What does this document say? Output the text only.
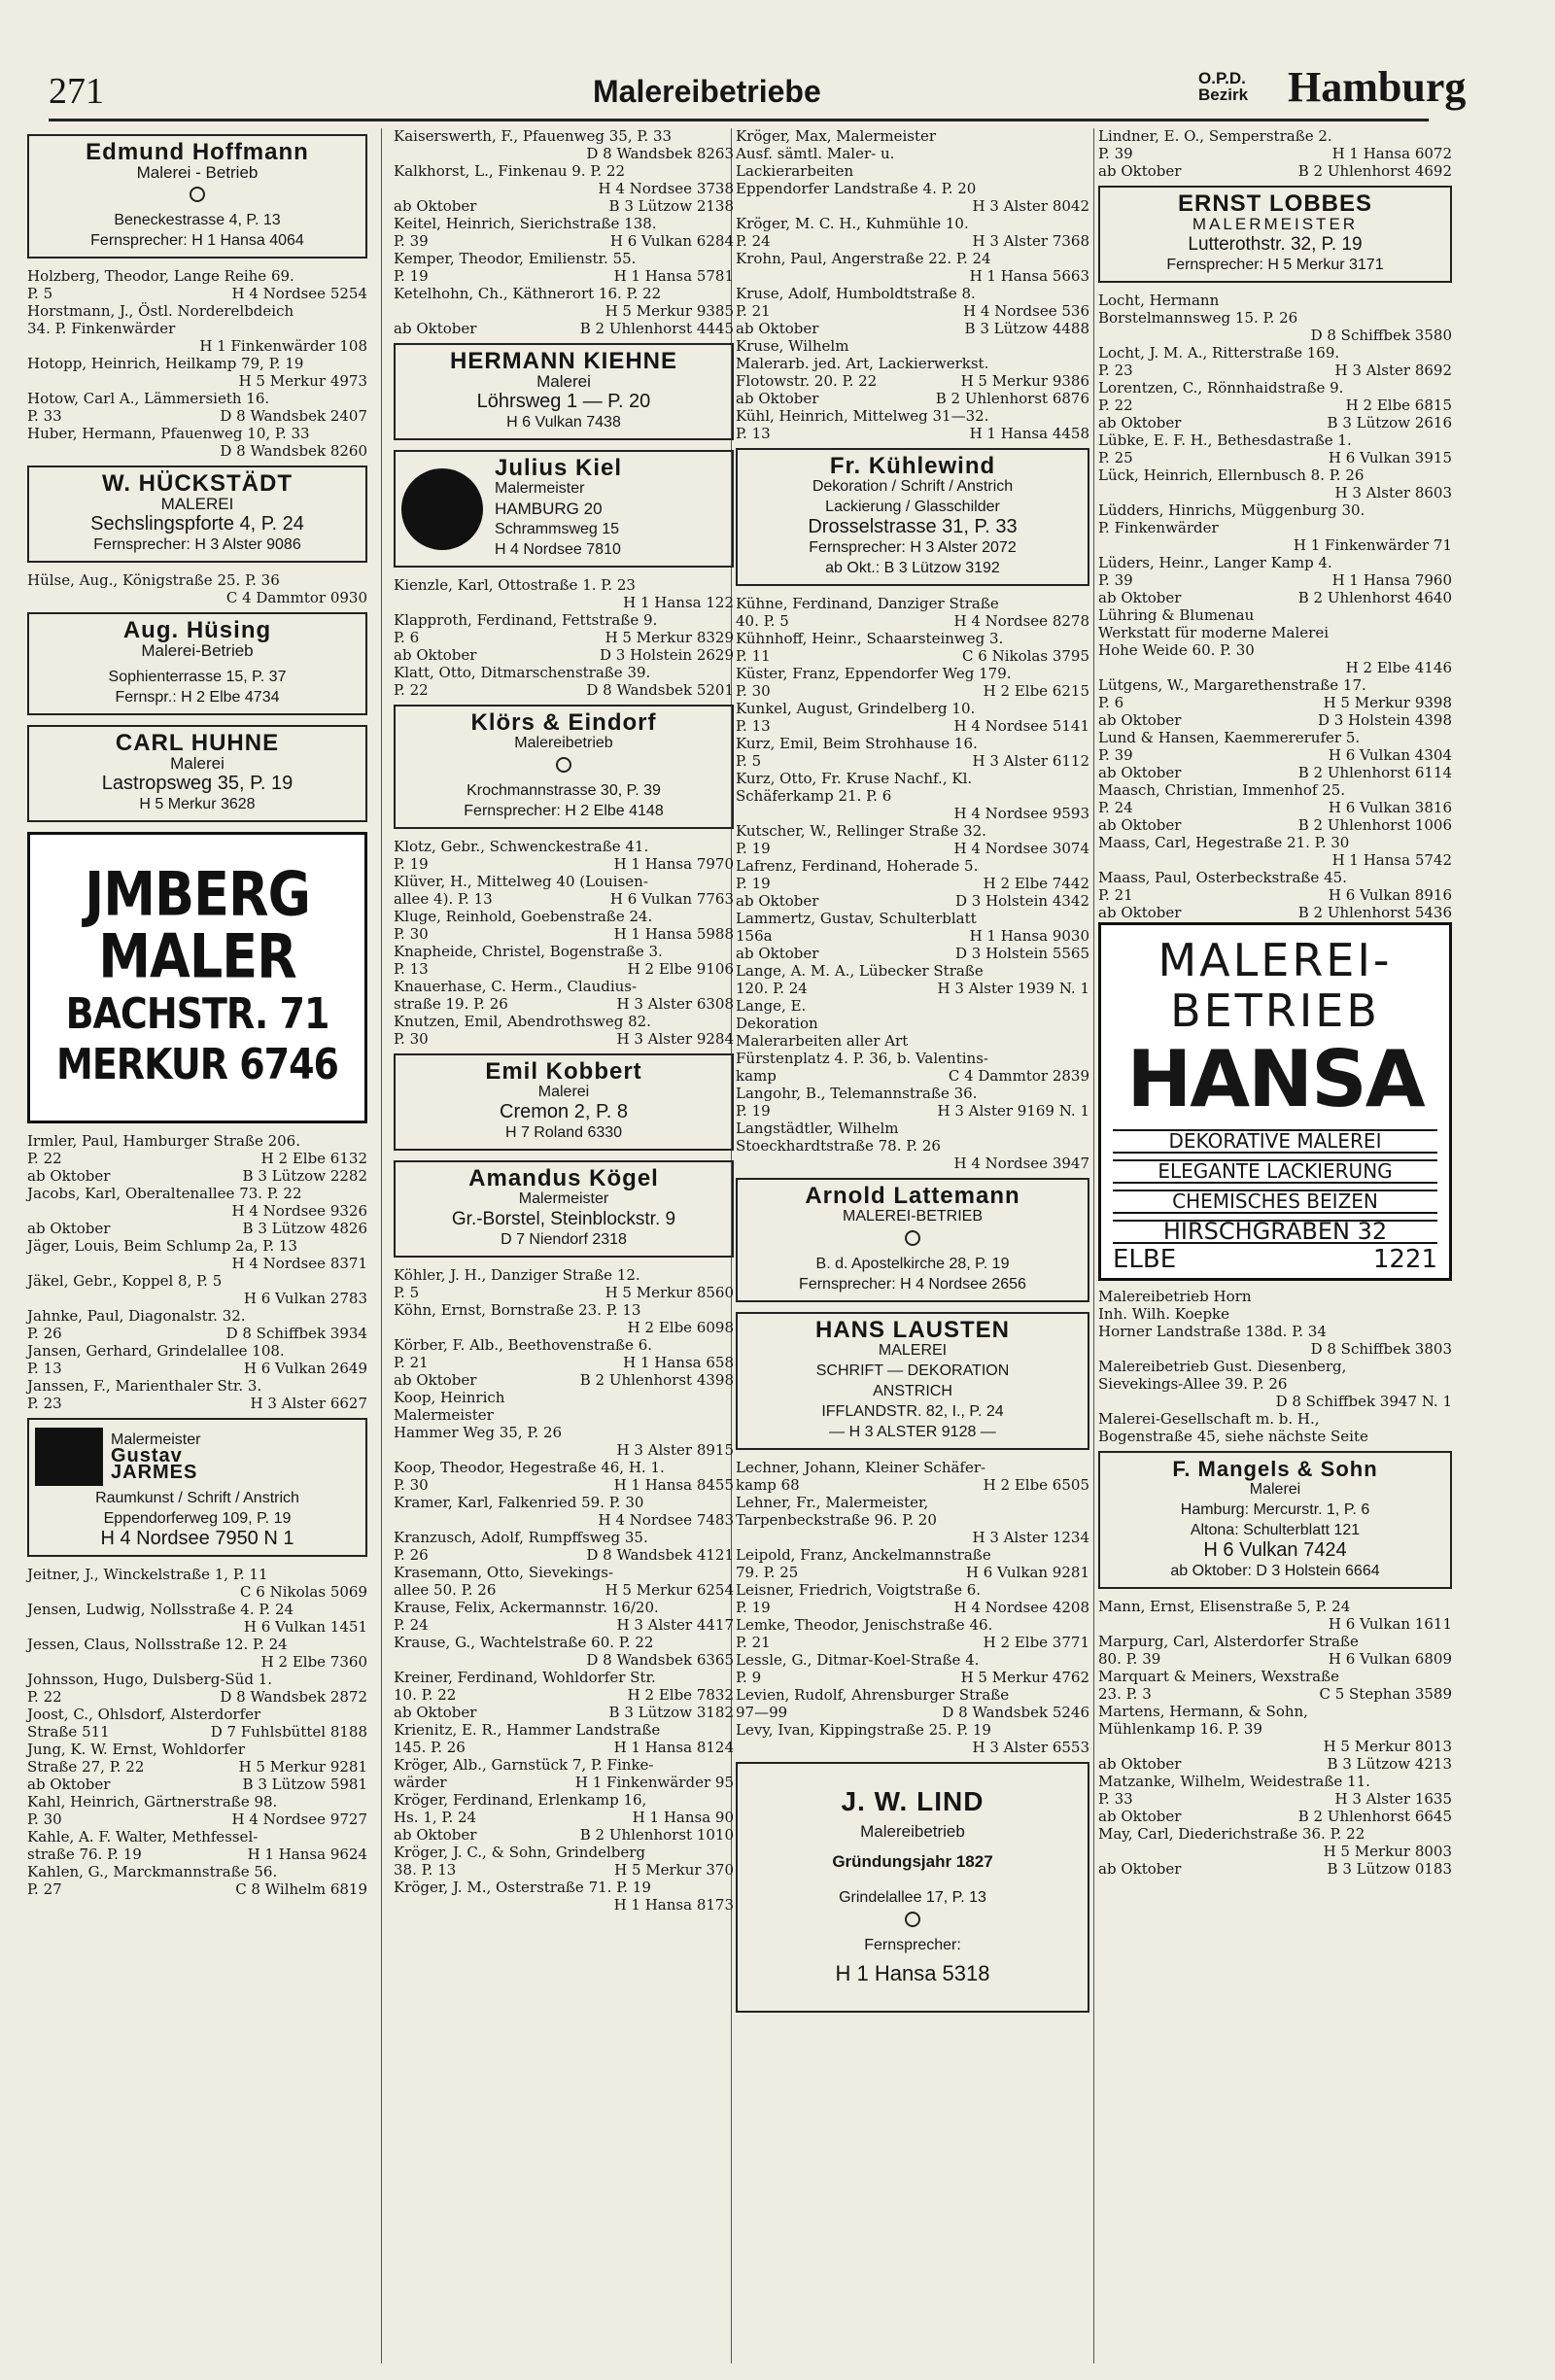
271	Malereibetriebe	O.P.D.
Bezirk Hamburg
Edmund Hoffmann
Malerei - Betrieb
Beneckestrasse 4, P. 13
Fernsprecher: H 1 Hansa 4064
Holzberg, Theodor, Lange Reihe 69.
P. 5	H 4 Nordsee 5254
Horstmann, J., Östl. Norderelbdeich
34. P. Finkenwärder
H 1 Finkenwärder 108
Hotopp, Heinrich, Heilkamp 79, P. 19
H 5 Merkur 4973
Hotow, Carl A., Lämmersieth 16.
P. 33	D 8 Wandsbek 2407
Huber, Hermann, Pfauenweg 10, P. 33
D 8 Wandsbek 8260
W. HÜCKSTÄDT
MALEREI
Sechslingspforte 4, P. 24
Fernsprecher: H 3 Alster 9086
Hülse, Aug., Königstraße 25. P. 36
C 4 Dammtor 0930
Aug. Hüsing
Malerei-Betrieb
Sophienterrasse 15, P. 37
Fernspr.: H 2 Elbe 4734
CARL HUHNE
Malerei
Lastropsweg 35, P. 19
H 5 Merkur 3628
JMBERG
MALER
BACHSTR. 71
MERKUR 6746
Irmler, Paul, Hamburger Straße 206.
P. 22	H 2 Elbe 6132
ab Oktober	B 3 Lützow 2282
Jacobs, Karl, Oberaltenallee 73. P. 22
H 4 Nordsee 9326
ab Oktober	B 3 Lützow 4826
Jäger, Louis, Beim Schlump 2a, P. 13
H 4 Nordsee 8371
Jäkel, Gebr., Koppel 8, P. 5
H 6 Vulkan 2783
Jahnke, Paul, Diagonalstr. 32.
P. 26	D 8 Schiffbek 3934
Jansen, Gerhard, Grindelallee 108.
P. 13	H 6 Vulkan 2649
Janssen, F., Marienthaler Str. 3.
P. 23	H 3 Alster 6627
Malermeister
Gustav
JARMES
Raumkunst / Schrift / Anstrich
Eppendorferweg 109, P. 19
H 4 Nordsee 7950 N 1
Jeitner, J., Winckelstraße 1, P. 11
C 6 Nikolas 5069
Jensen, Ludwig, Nollsstraße 4. P. 24
H 6 Vulkan 1451
Jessen, Claus, Nollsstraße 12. P. 24
H 2 Elbe 7360
Johnsson, Hugo, Dulsberg-Süd 1.
P. 22	D 8 Wandsbek 2872
Joost, C., Ohlsdorf, Alsterdorfer
Straße 511	D 7 Fuhlsbüttel 8188
Jung, K. W. Ernst, Wohldorfer
Straße 27, P. 22	H 5 Merkur 9281
ab Oktober	B 3 Lützow 5981
Kahl, Heinrich, Gärtnerstraße 98.
P. 30	H 4 Nordsee 9727
Kahle, A. F. Walter, Methfessel-
straße 76. P. 19	H 1 Hansa 9624
Kahlen, G., Marckmannstraße 56.
P. 27	C 8 Wilhelm 6819
Kaiserswerth, F., Pfauenweg 35, P. 33
D 8 Wandsbek 8263
Kalkhorst, L., Finkenau 9. P. 22
H 4 Nordsee 3738
ab Oktober	B 3 Lützow 2138
Keitel, Heinrich, Sierichstraße 138.
P. 39	H 6 Vulkan 6284
Kemper, Theodor, Emilienstr. 55.
P. 19	H 1 Hansa 5781
Ketelhohn, Ch., Käthnerort 16. P. 22
H 5 Merkur 9385
ab Oktober	B 2 Uhlenhorst 4445
HERMANN KIEHNE
Malerei
Löhrsweg 1 — P. 20
H 6 Vulkan 7438
Julius Kiel
Malermeister
HAMBURG 20
Schrammsweg 15
H 4 Nordsee 7810
Kienzle, Karl, Ottostraße 1. P. 23
H 1 Hansa 122
Klapproth, Ferdinand, Fettstraße 9.
P. 6	H 5 Merkur 8329
ab Oktober	D 3 Holstein 2629
Klatt, Otto, Ditmarschenstraße 39.
P. 22	D 8 Wandsbek 5201
Klörs & Eindorf
Malereibetrieb
Krochmannstrasse 30, P. 39
Fernsprecher: H 2 Elbe 4148
Klotz, Gebr., Schwenckestraße 41.
P. 19	H 1 Hansa 7970
Klüver, H., Mittelweg 40 (Louisen-
allee 4). P. 13	H 6 Vulkan 7763
Kluge, Reinhold, Goebenstraße 24.
P. 30	H 1 Hansa 5988
Knapheide, Christel, Bogenstraße 3.
P. 13	H 2 Elbe 9106
Knauerhase, C. Herm., Claudius-
straße 19. P. 26	H 3 Alster 6308
Knutzen, Emil, Abendrothsweg 82.
P. 30	H 3 Alster 9284
Emil Kobbert
Malerei
Cremon 2, P. 8
H 7 Roland 6330
Amandus Kögel
Malermeister
Gr.-Borstel, Steinblockstr. 9
D 7 Niendorf 2318
Köhler, J. H., Danziger Straße 12.
P. 5	H 5 Merkur 8560
Köhn, Ernst, Bornstraße 23. P. 13
H 2 Elbe 6098
Körber, F. Alb., Beethovenstraße 6.
P. 21	H 1 Hansa 658
ab Oktober	B 2 Uhlenhorst 4398
Koop, Heinrich
Malermeister
Hammer Weg 35, P. 26
H 3 Alster 8915
Koop, Theodor, Hegestraße 46, H. 1.
P. 30	H 1 Hansa 8455
Kramer, Karl, Falkenried 59. P. 30
H 4 Nordsee 7483
Kranzusch, Adolf, Rumpffsweg 35.
P. 26	D 8 Wandsbek 4121
Krasemann, Otto, Sievekings-
allee 50. P. 26	H 5 Merkur 6254
Krause, Felix, Ackermannstr. 16/20.
P. 24	H 3 Alster 4417
Krause, G., Wachtelstraße 60. P. 22
D 8 Wandsbek 6365
Kreiner, Ferdinand, Wohldorfer Str.
10. P. 22	H 2 Elbe 7832
ab Oktober	B 3 Lützow 3182
Krienitz, E. R., Hammer Landstraße
145. P. 26	H 1 Hansa 8124
Kröger, Alb., Garnstück 7, P. Finke-
wärder	H 1 Finkenwärder 95
Kröger, Ferdinand, Erlenkamp 16,
Hs. 1, P. 24	H 1 Hansa 90
ab Oktober	B 2 Uhlenhorst 1010
Kröger, J. C., & Sohn, Grindelberg
38. P. 13	H 5 Merkur 370
Kröger, J. M., Osterstraße 71. P. 19
H 1 Hansa 8173
Kröger, Max, Malermeister
Ausf. sämtl. Maler- u.
Lackierarbeiten
Eppendorfer Landstraße 4. P. 20
H 3 Alster 8042
Kröger, M. C. H., Kuhmühle 10.
P. 24	H 3 Alster 7368
Krohn, Paul, Angerstraße 22. P. 24
H 1 Hansa 5663
Kruse, Adolf, Humboldtstraße 8.
P. 21	H 4 Nordsee 536
ab Oktober	B 3 Lützow 4488
Kruse, Wilhelm
Malerarb. jed. Art, Lackierwerkst.
Flotowstr. 20. P. 22	H 5 Merkur 9386
ab Oktober	B 2 Uhlenhorst 6876
Kühl, Heinrich, Mittelweg 31—32.
P. 13	H 1 Hansa 4458
Fr. Kühlewind
Dekoration / Schrift / Anstrich
Lackierung / Glasschilder
Drosselstrasse 31, P. 33
Fernsprecher: H 3 Alster 2072
ab Okt.: B 3 Lützow 3192
Kühne, Ferdinand, Danziger Straße
40. P. 5	H 4 Nordsee 8278
Kühnhoff, Heinr., Schaarsteinweg 3.
P. 11	C 6 Nikolas 3795
Küster, Franz, Eppendorfer Weg 179.
P. 30	H 2 Elbe 6215
Kunkel, August, Grindelberg 10.
P. 13	H 4 Nordsee 5141
Kurz, Emil, Beim Strohhause 16.
P. 5	H 3 Alster 6112
Kurz, Otto, Fr. Kruse Nachf., Kl.
Schäferkamp 21. P. 6
H 4 Nordsee 9593
Kutscher, W., Rellinger Straße 32.
P. 19	H 4 Nordsee 3074
Lafrenz, Ferdinand, Hoherade 5.
P. 19	H 2 Elbe 7442
ab Oktober	D 3 Holstein 4342
Lammertz, Gustav, Schulterblatt
156a	H 1 Hansa 9030
ab Oktober	D 3 Holstein 5565
Lange, A. M. A., Lübecker Straße
120. P. 24	H 3 Alster 1939 N. 1
Lange, E.
Dekoration
Malerarbeiten aller Art
Fürstenplatz 4. P. 36, b. Valentins-
kamp	C 4 Dammtor 2839
Langohr, B., Telemannstraße 36.
P. 19	H 3 Alster 9169 N. 1
Langstädtler, Wilhelm
Stoeckhardtstraße 78. P. 26
H 4 Nordsee 3947
Arnold Lattemann
MALEREI-BETRIEB
B. d. Apostelkirche 28, P. 19
Fernsprecher: H 4 Nordsee 2656
HANS LAUSTEN
MALEREI
SCHRIFT — DEKORATION
ANSTRICH
IFFLANDSTR. 82, I., P. 24
— H 3 ALSTER 9128 —
Lechner, Johann, Kleiner Schäfer-
kamp 68	H 2 Elbe 6505
Lehner, Fr., Malermeister,
Tarpenbeckstraße 96. P. 20
H 3 Alster 1234
Leipold, Franz, Anckelmannstraße
79. P. 25	H 6 Vulkan 9281
Leisner, Friedrich, Voigtstraße 6.
P. 19	H 4 Nordsee 4208
Lemke, Theodor, Jenischstraße 46.
P. 21	H 2 Elbe 3771
Lessle, G., Ditmar-Koel-Straße 4.
P. 9	H 5 Merkur 4762
Levien, Rudolf, Ahrensburger Straße
97—99	D 8 Wandsbek 5246
Levy, Ivan, Kippingstraße 25. P. 19
H 3 Alster 6553
J. W. LIND
Malereibetrieb
Gründungsjahr 1827
Grindelallee 17, P. 13
Fernsprecher:
H 1 Hansa 5318
Lindner, E. O., Semperstraße 2.
P. 39	H 1 Hansa 6072
ab Oktober	B 2 Uhlenhorst 4692
ERNST LOBBES
MALERMEISTER
Lutterothstr. 32, P. 19
Fernsprecher: H 5 Merkur 3171
Locht, Hermann
Borstelmannsweg 15. P. 26
D 8 Schiffbek 3580
Locht, J. M. A., Ritterstraße 169.
P. 23	H 3 Alster 8692
Lorentzen, C., Rönnhaidstraße 9.
P. 22	H 2 Elbe 6815
ab Oktober	B 3 Lützow 2616
Lübke, E. F. H., Bethesdastraße 1.
P. 25	H 6 Vulkan 3915
Lück, Heinrich, Ellernbusch 8. P. 26
H 3 Alster 8603
Lüdders, Hinrichs, Müggenburg 30.
P. Finkenwärder
H 1 Finkenwärder 71
Lüders, Heinr., Langer Kamp 4.
P. 39	H 1 Hansa 7960
ab Oktober	B 2 Uhlenhorst 4640
Lühring & Blumenau
Werkstatt für moderne Malerei
Hohe Weide 60. P. 30
H 2 Elbe 4146
Lütgens, W., Margarethenstraße 17.
P. 6	H 5 Merkur 9398
ab Oktober	D 3 Holstein 4398
Lund & Hansen, Kaemmererufer 5.
P. 39	H 6 Vulkan 4304
ab Oktober	B 2 Uhlenhorst 6114
Maasch, Christian, Immenhof 25.
P. 24	H 6 Vulkan 3816
ab Oktober	B 2 Uhlenhorst 1006
Maass, Carl, Hegestraße 21. P. 30
H 1 Hansa 5742
Maass, Paul, Osterbeckstraße 45.
P. 21	H 6 Vulkan 8916
ab Oktober	B 2 Uhlenhorst 5436
MALEREI-
BETRIEB
HANSA
DEKORATIVE MALEREI
ELEGANTE LACKIERUNG
CHEMISCHES BEIZEN
HIRSCHGRABEN 32
ELBE	1221
Malereibetrieb Horn
Inh. Wilh. Koepke
Horner Landstraße 138d. P. 34
D 8 Schiffbek 3803
Malereibetrieb Gust. Diesenberg,
Sievekings-Allee 39. P. 26
D 8 Schiffbek 3947 N. 1
Malerei-Gesellschaft m. b. H.,
Bogenstraße 45, siehe nächste Seite
F. Mangels & Sohn
Malerei
Hamburg: Mercurstr. 1, P. 6
Altona: Schulterblatt 121
H 6 Vulkan 7424
ab Oktober: D 3 Holstein 6664
Mann, Ernst, Elisenstraße 5, P. 24
H 6 Vulkan 1611
Marpurg, Carl, Alsterdorfer Straße
80. P. 39	H 6 Vulkan 6809
Marquart & Meiners, Wexstraße
23. P. 3	C 5 Stephan 3589
Martens, Hermann, & Sohn,
Mühlenkamp 16. P. 39
H 5 Merkur 8013
ab Oktober	B 3 Lützow 4213
Matzanke, Wilhelm, Weidestraße 11.
P. 33	H 3 Alster 1635
ab Oktober	B 2 Uhlenhorst 6645
May, Carl, Diederichstraße 36. P. 22
H 5 Merkur 8003
ab Oktober	B 3 Lützow 0183
